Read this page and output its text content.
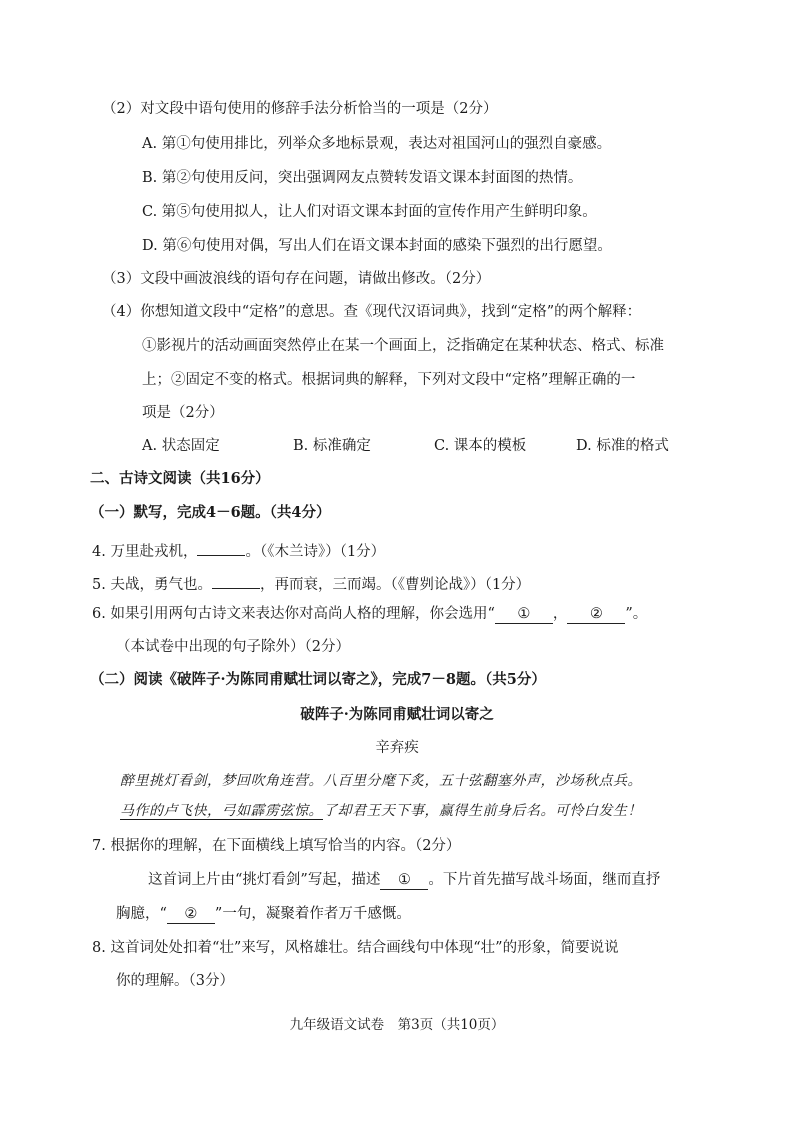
（2）对文段中语句使用的修辞手法分析恰当的一项是（2分）
A. 第①句使用排比，列举众多地标景观，表达对祖国河山的强烈自豪感。
B. 第②句使用反问，突出强调网友点赞转发语文课本封面图的热情。
C. 第⑤句使用拟人，让人们对语文课本封面的宣传作用产生鲜明印象。
D. 第⑥句使用对偶，写出人们在语文课本封面的感染下强烈的出行愿望。
（3）文段中画波浪线的语句存在问题，请做出修改。（2分）
（4）你想知道文段中“定格”的意思。查《现代汉语词典》，找到“定格”的两个解释：
①影视片的活动画面突然停止在某一个画面上，泛指确定在某种状态、格式、标准
上；②固定不变的格式。根据词典的解释，下列对文段中“定格”理解正确的一
项是（2分）
A. 状态固定	B. 标准确定	C. 课本的模板	D. 标准的格式
二、古诗文阅读（共16分）
（一）默写，完成4－6题。（共4分）
4. 万里赴戎机，	。（《木兰诗》）（1分）
5. 夫战，勇气也。	，再而衰，三而竭。（《曹刿论战》）（1分）
6. 如果引用两句古诗文来表达你对高尚人格的理解，你会选用“ ① ， ② ”。
（本试卷中出现的句子除外）（2分）
（二）阅读《破阵子·为陈同甫赋壮词以寄之》，完成7－8题。（共5分）
破阵子·为陈同甫赋壮词以寄之
辛弃疾
醉里挑灯看剑，梦回吹角连营。八百里分麾下炙，五十弦翻塞外声，沙场秋点兵。
马作的卢飞快，弓如霹雳弦惊。了却君王天下事，赢得生前身后名。可怜白发生！
7. 根据你的理解，在下面横线上填写恰当的内容。（2分）
这首词上片由“挑灯看剑”写起，描述 ① 。下片首先描写战斗场面，继而直抒
胸臆，“ ② ”一句，凝聚着作者万千感慨。
8. 这首词处处扣着“壮”来写，风格雄壮。结合画线句中体现“壮”的形象，简要说说
你的理解。（3分）
九年级语文试卷　第3页（共10页）
